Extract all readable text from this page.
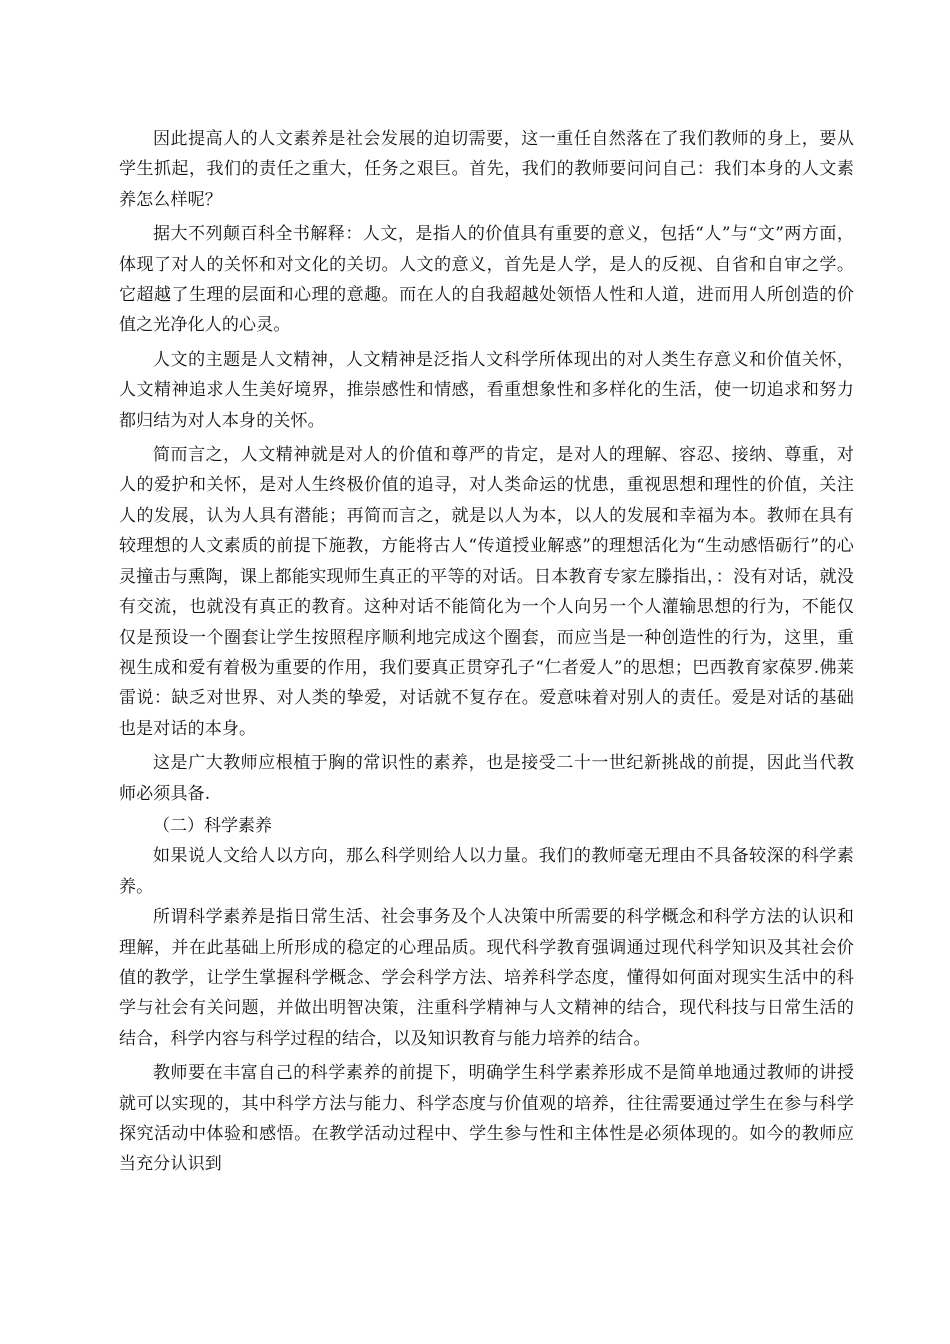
因此提高人的人文素养是社会发展的迫切需要，这一重任自然落在了我们教师的身上，要从学生抓起，我们的责任之重大，任务之艰巨。首先，我们的教师要问问自己：我们本身的人文素养怎么样呢？

据大不列颠百科全书解释：人文，是指人的价值具有重要的意义，包括“人”与“文”两方面，体现了对人的关怀和对文化的关切。人文的意义，首先是人学，是人的反视、自省和自审之学。它超越了生理的层面和心理的意趣。而在人的自我超越处领悟人性和人道，进而用人所创造的价值之光净化人的心灵。

人文的主题是人文精神，人文精神是泛指人文科学所体现出的对人类生存意义和价值关怀，人文精神追求人生美好境界，推崇感性和情感，看重想象性和多样化的生活，使一切追求和努力都归结为对人本身的关怀。

简而言之，人文精神就是对人的价值和尊严的肯定，是对人的理解、容忍、接纳、尊重，对人的爱护和关怀，是对人生终极价值的追寻，对人类命运的忧患，重视思想和理性的价值，关注人的发展，认为人具有潜能；再简而言之，就是以人为本，以人的发展和幸福为本。教师在具有较理想的人文素质的前提下施教，方能将古人“传道授业解惑”的理想活化为“生动感悟砺行”的心灵撞击与熏陶，课上都能实现师生真正的平等的对话。日本教育专家左滕指出，：没有对话，就没有交流，也就没有真正的教育。这种对话不能简化为一个人向另一个人灌输思想的行为，不能仅仅是预设一个圈套让学生按照程序顺利地完成这个圈套，而应当是一种创造性的行为，这里，重视生成和爱有着极为重要的作用，我们要真正贯穿孔子“仁者爱人”的思想；巴西教育家葆罗.佛莱雷说：缺乏对世界、对人类的挚爱，对话就不复存在。爱意味着对别人的责任。爱是对话的基础也是对话的本身。

这是广大教师应根植于胸的常识性的素养，也是接受二十一世纪新挑战的前提，因此当代教师必须具备.

（二）科学素养

如果说人文给人以方向，那么科学则给人以力量。我们的教师毫无理由不具备较深的科学素养。

所谓科学素养是指日常生活、社会事务及个人决策中所需要的科学概念和科学方法的认识和理解，并在此基础上所形成的稳定的心理品质。现代科学教育强调通过现代科学知识及其社会价值的教学，让学生掌握科学概念、学会科学方法、培养科学态度，懂得如何面对现实生活中的科学与社会有关问题，并做出明智决策，注重科学精神与人文精神的结合，现代科技与日常生活的结合，科学内容与科学过程的结合，以及知识教育与能力培养的结合。

教师要在丰富自己的科学素养的前提下，明确学生科学素养形成不是简单地通过教师的讲授就可以实现的，其中科学方法与能力、科学态度与价值观的培养，往往需要通过学生在参与科学探究活动中体验和感悟。在教学活动过程中、学生参与性和主体性是必须体现的。如今的教师应当充分认识到
